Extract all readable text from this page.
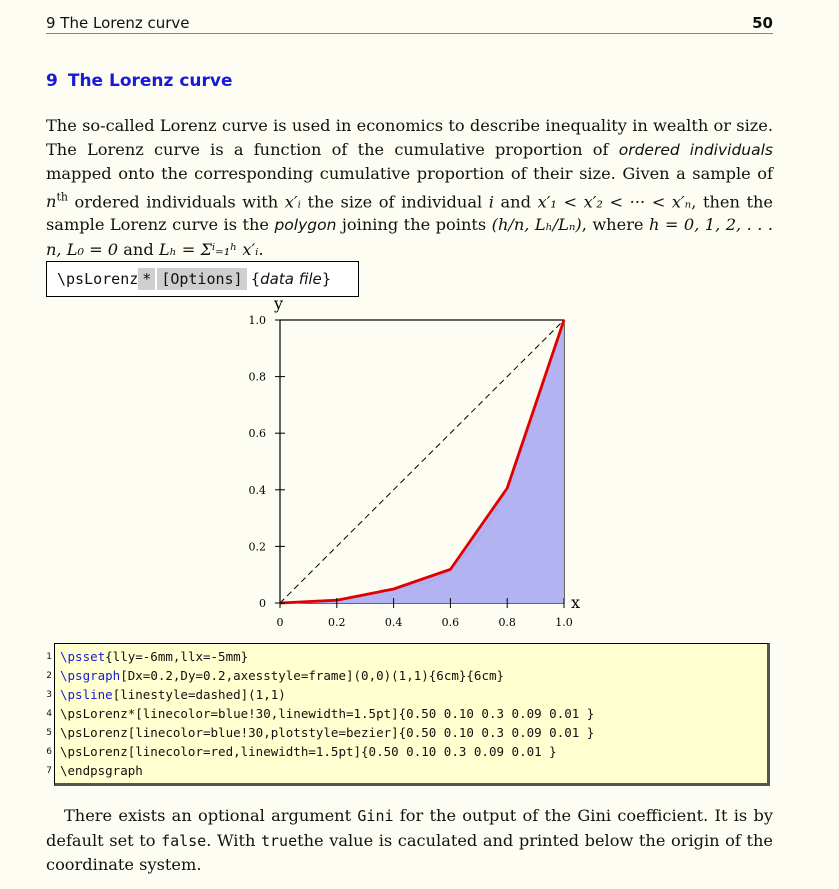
9 The Lorenz curve	50
9 The Lorenz curve

The so-called Lorenz curve is used in economics to describe inequality in wealth or size. The Lorenz curve is a function of the cumulative proportion of ordered individuals mapped onto the corresponding cumulative proportion of their size. Given a sample of $n^{th}$ ordered individuals with x′ᵢ the size of individual i and x′₁ < x′₂ < ··· < x′ₙ, then the sample Lorenz curve is the polygon joining the points (h/n, Lₕ/Lₙ), where h = 0, 1, 2, . . . n, L₀ = 0 and Lₕ = Σⁱ₌₁ʰ x′ᵢ.

\psLorenz * [Options] {data file}
0	0.2	0.4	0.6	0.8	1.0
0
0.2
0.4
0.6
0.8
1.0
x
y
1 \psset{lly=-6mm,llx=-5mm}
2 \psgraph[Dx=0.2,Dy=0.2,axesstyle=frame](0,0)(1,1){6cm}{6cm}
3 \psline[linestyle=dashed](1,1)
4 \psLorenz*[linecolor=blue!30,linewidth=1.5pt]{0.50 0.10 0.3 0.09 0.01 }
5 \psLorenz[linecolor=blue!30,plotstyle=bezier]{0.50 0.10 0.3 0.09 0.01 }
6 \psLorenz[linecolor=red,linewidth=1.5pt]{0.50 0.10 0.3 0.09 0.01 }
7 \endpsgraph

There exists an optional argument Gini for the output of the Gini coefficient. It is by default set to false. With truethe value is caculated and printed below the origin of the coordinate system.
